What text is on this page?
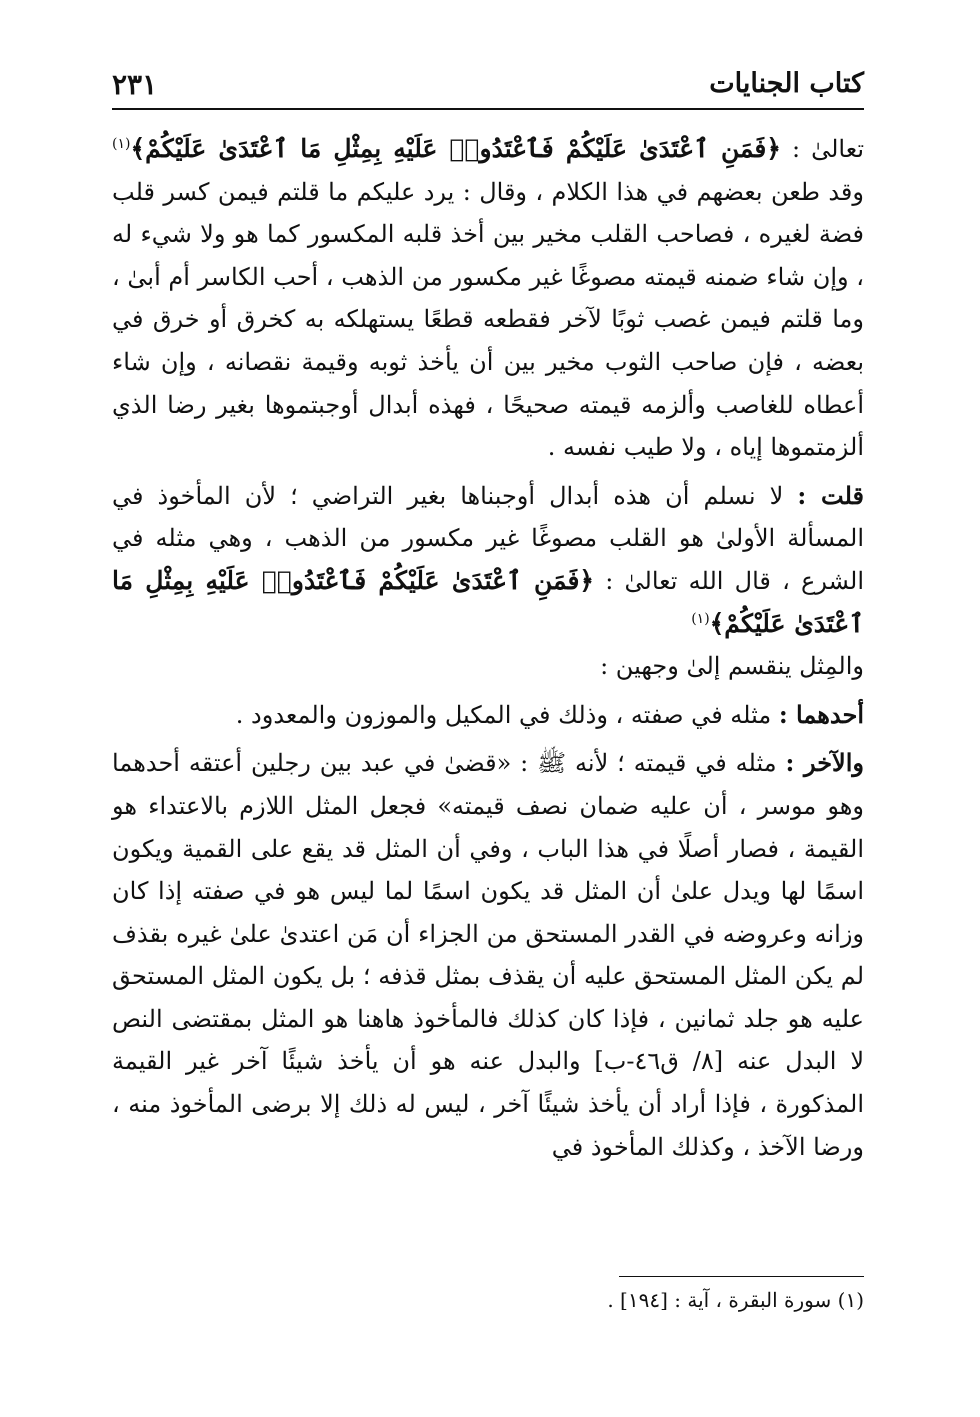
كتاب الجنايات
٢٣١
تعالىٰ : ﴿فَمَنِ ٱعْتَدَىٰ عَلَيْكُمْ فَٱعْتَدُوا۟ عَلَيْهِ بِمِثْلِ مَا ٱعْتَدَىٰ عَلَيْكُمْ﴾$^{(١)}$ وقد طعن بعضهم في هذا الكلام ، وقال : يرد عليكم ما قلتم فيمن كسر قلب فضة لغيره ، فصاحب القلب مخير بين أخذ قلبه المكسور كما هو ولا شيء له ، وإن شاء ضمنه قيمته مصوغًا غير مكسور من الذهب ، أحب الكاسر أم أبىٰ ، وما قلتم فيمن غصب ثوبًا لآخر فقطعه قطعًا يستهلكه به كخرق أو خرق في بعضه ، فإن صاحب الثوب مخير بين أن يأخذ ثوبه وقيمة نقصانه ، وإن شاء أعطاه للغاصب وألزمه قيمته صحيحًا ، فهذه أبدال أوجبتموها بغير رضا الذي ألزمتموها إياه ، ولا طيب نفسه .

قلت : لا نسلم أن هذه أبدال أوجبناها بغير التراضي ؛ لأن المأخوذ في المسألة الأولىٰ هو القلب مصوغًا غير مكسور من الذهب ، وهي مثله في الشرع ، قال الله تعالىٰ : ﴿فَمَنِ ٱعْتَدَىٰ عَلَيْكُمْ فَٱعْتَدُوا۟ عَلَيْهِ بِمِثْلِ مَا ٱعْتَدَىٰ عَلَيْكُمْ﴾$^{(١)}$

والمِثل ينقسم إلىٰ وجهين :

أحدهما : مثله في صفته ، وذلك في المكيل والموزون والمعدود .
والآخر : مثله في قيمته ؛ لأنه ﷺ : «قضىٰ في عبد بين رجلين أعتقه أحدهما وهو موسر ، أن عليه ضمان نصف قيمته» فجعل المثل اللازم بالاعتداء هو القيمة ، فصار أصلًا في هذا الباب ، وفي أن المثل قد يقع على القمية ويكون اسمًا لها ويدل علىٰ أن المثل قد يكون اسمًا لما ليس هو في صفته إذا كان وزانه وعروضه في القدر المستحق من الجزاء أن مَن اعتدىٰ علىٰ غيره بقذف لم يكن المثل المستحق عليه أن يقذف بمثل قذفه ؛ بل يكون المثل المستحق عليه هو جلد ثمانين ، فإذا كان كذلك فالمأخوذ هاهنا هو المثل بمقتضى النص لا البدل عنه [٨/ ق٤٦-ب] والبدل عنه هو أن يأخذ شيئًا آخر غير القيمة المذكورة ، فإذا أراد أن يأخذ شيئًا آخر ، ليس له ذلك إلا برضى المأخوذ منه ، ورضا الآخذ ، وكذلك المأخوذ في
(١) سورة البقرة ، آية : [١٩٤] .
